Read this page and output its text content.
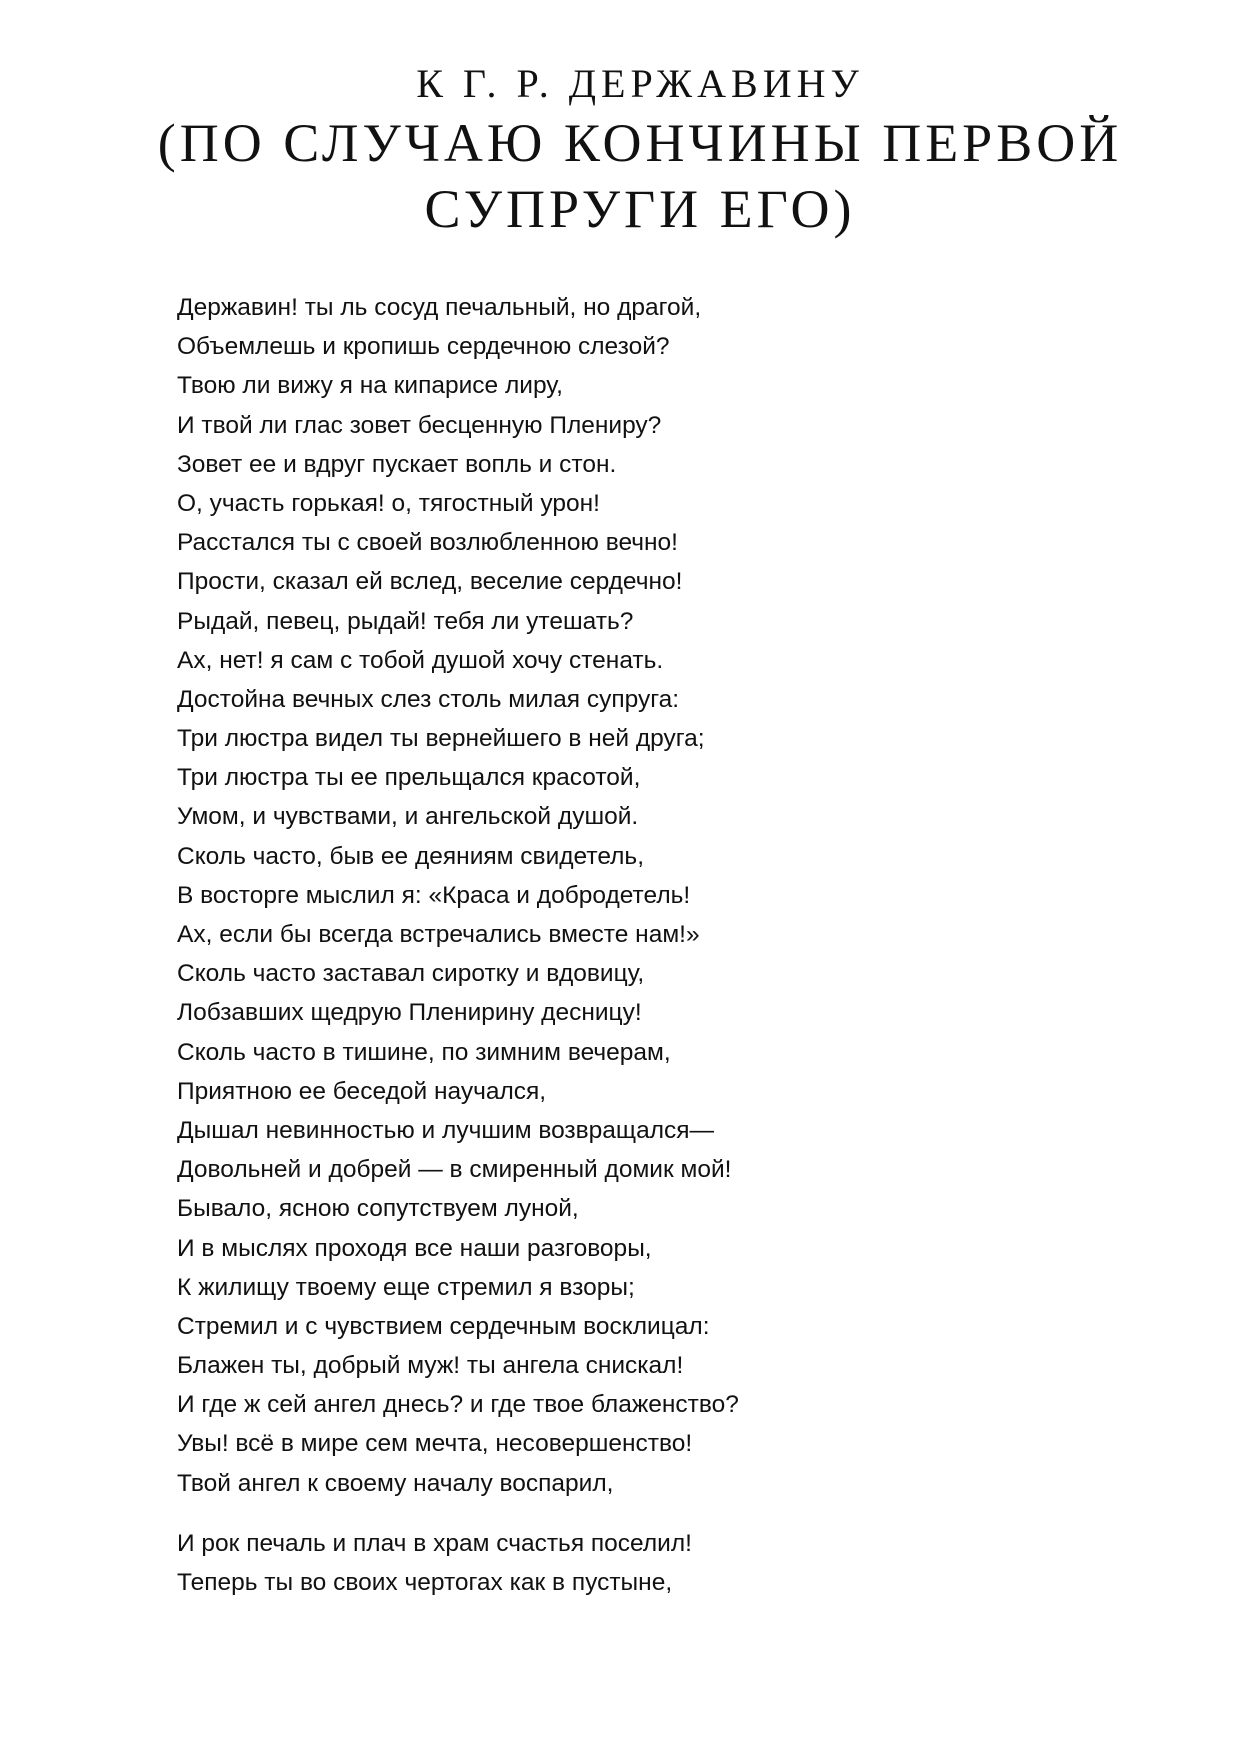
К Г. Р. ДЕРЖАВИНУ
(ПО СЛУЧАЮ КОНЧИНЫ ПЕРВОЙ
СУПРУГИ ЕГО)
Державин! ты ль сосуд печальный, но драгой,
Объемлешь и кропишь сердечною слезой?
Твою ли вижу я на кипарисе лиру,
И твой ли глас зовет бесценную Плениру?
Зовет ее и вдруг пускает вопль и стон.
О, участь горькая! о, тягостный урон!
Расстался ты с своей возлюбленною вечно!
Прости, сказал ей вслед, веселие сердечно!
Рыдай, певец, рыдай! тебя ли утешать?
Ах, нет! я сам с тобой душой хочу стенать.
Достойна вечных слез столь милая супруга:
Три люстра видел ты вернейшего в ней друга;
Три люстра ты ее прельщался красотой,
Умом, и чувствами, и ангельской душой.
Сколь часто, быв ее деяниям свидетель,
В восторге мыслил я: «Краса и добродетель!
Ах, если бы всегда встречались вместе нам!»
Сколь часто заставал сиротку и вдовицу,
Лобзавших щедрую Пленирину десницу!
Сколь часто в тишине, по зимним вечерам,
Приятною ее беседой научался,
Дышал невинностью и лучшим возвращался—
Довольней и добрей — в смиренный домик мой!
Бывало, ясною сопутствуем луной,
И в мыслях проходя все наши разговоры,
К жилищу твоему еще стремил я взоры;
Стремил и с чувствием сердечным восклицал:
Блажен ты, добрый муж! ты ангела снискал!
И где ж сей ангел днесь? и где твое блаженство?
Увы! всё в мире сем мечта, несовершенство!
Твой ангел к своему началу воспарил,
И рок печаль и плач в храм счастья поселил!
Теперь ты во своих чертогах как в пустыне,
